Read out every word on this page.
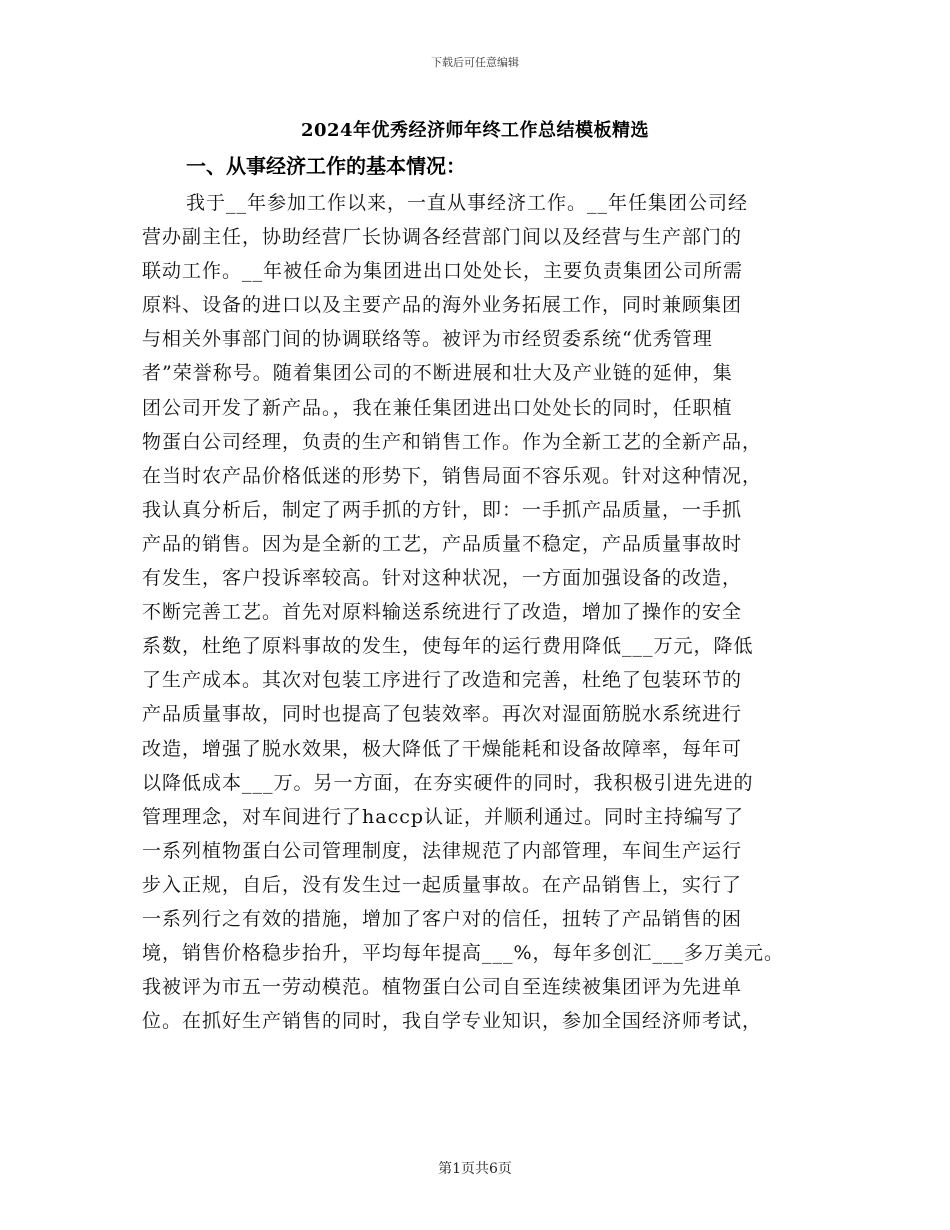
下载后可任意编辑
2024年优秀经济师年终工作总结模板精选
一、从事经济工作的基本情况：
我于__年参加工作以来，一直从事经济工作。__年任集团公司经
营办副主任，协助经营厂长协调各经营部门间以及经营与生产部门的
联动工作。__年被任命为集团进出口处处长，主要负责集团公司所需
原料、设备的进口以及主要产品的海外业务拓展工作，同时兼顾集团
与相关外事部门间的协调联络等。被评为市经贸委系统“优秀管理
者”荣誉称号。随着集团公司的不断进展和壮大及产业链的延伸，集
团公司开发了新产品。，我在兼任集团进出口处处长的同时，任职植
物蛋白公司经理，负责的生产和销售工作。作为全新工艺的全新产品，
在当时农产品价格低迷的形势下，销售局面不容乐观。针对这种情况，
我认真分析后，制定了两手抓的方针，即：一手抓产品质量，一手抓
产品的销售。因为是全新的工艺，产品质量不稳定，产品质量事故时
有发生，客户投诉率较高。针对这种状况，一方面加强设备的改造，
不断完善工艺。首先对原料输送系统进行了改造，增加了操作的安全
系数，杜绝了原料事故的发生，使每年的运行费用降低___万元，降低
了生产成本。其次对包装工序进行了改造和完善，杜绝了包装环节的
产品质量事故，同时也提高了包装效率。再次对湿面筋脱水系统进行
改造，增强了脱水效果，极大降低了干燥能耗和设备故障率，每年可
以降低成本___万。另一方面，在夯实硬件的同时，我积极引进先进的
管理理念，对车间进行了haccp认证，并顺利通过。同时主持编写了
一系列植物蛋白公司管理制度，法律规范了内部管理，车间生产运行
步入正规，自后，没有发生过一起质量事故。在产品销售上，实行了
一系列行之有效的措施，增加了客户对的信任，扭转了产品销售的困
境，销售价格稳步抬升，平均每年提高___%，每年多创汇___多万美元。
我被评为市五一劳动模范。植物蛋白公司自至连续被集团评为先进单
位。在抓好生产销售的同时，我自学专业知识，参加全国经济师考试，
第1页共6页
